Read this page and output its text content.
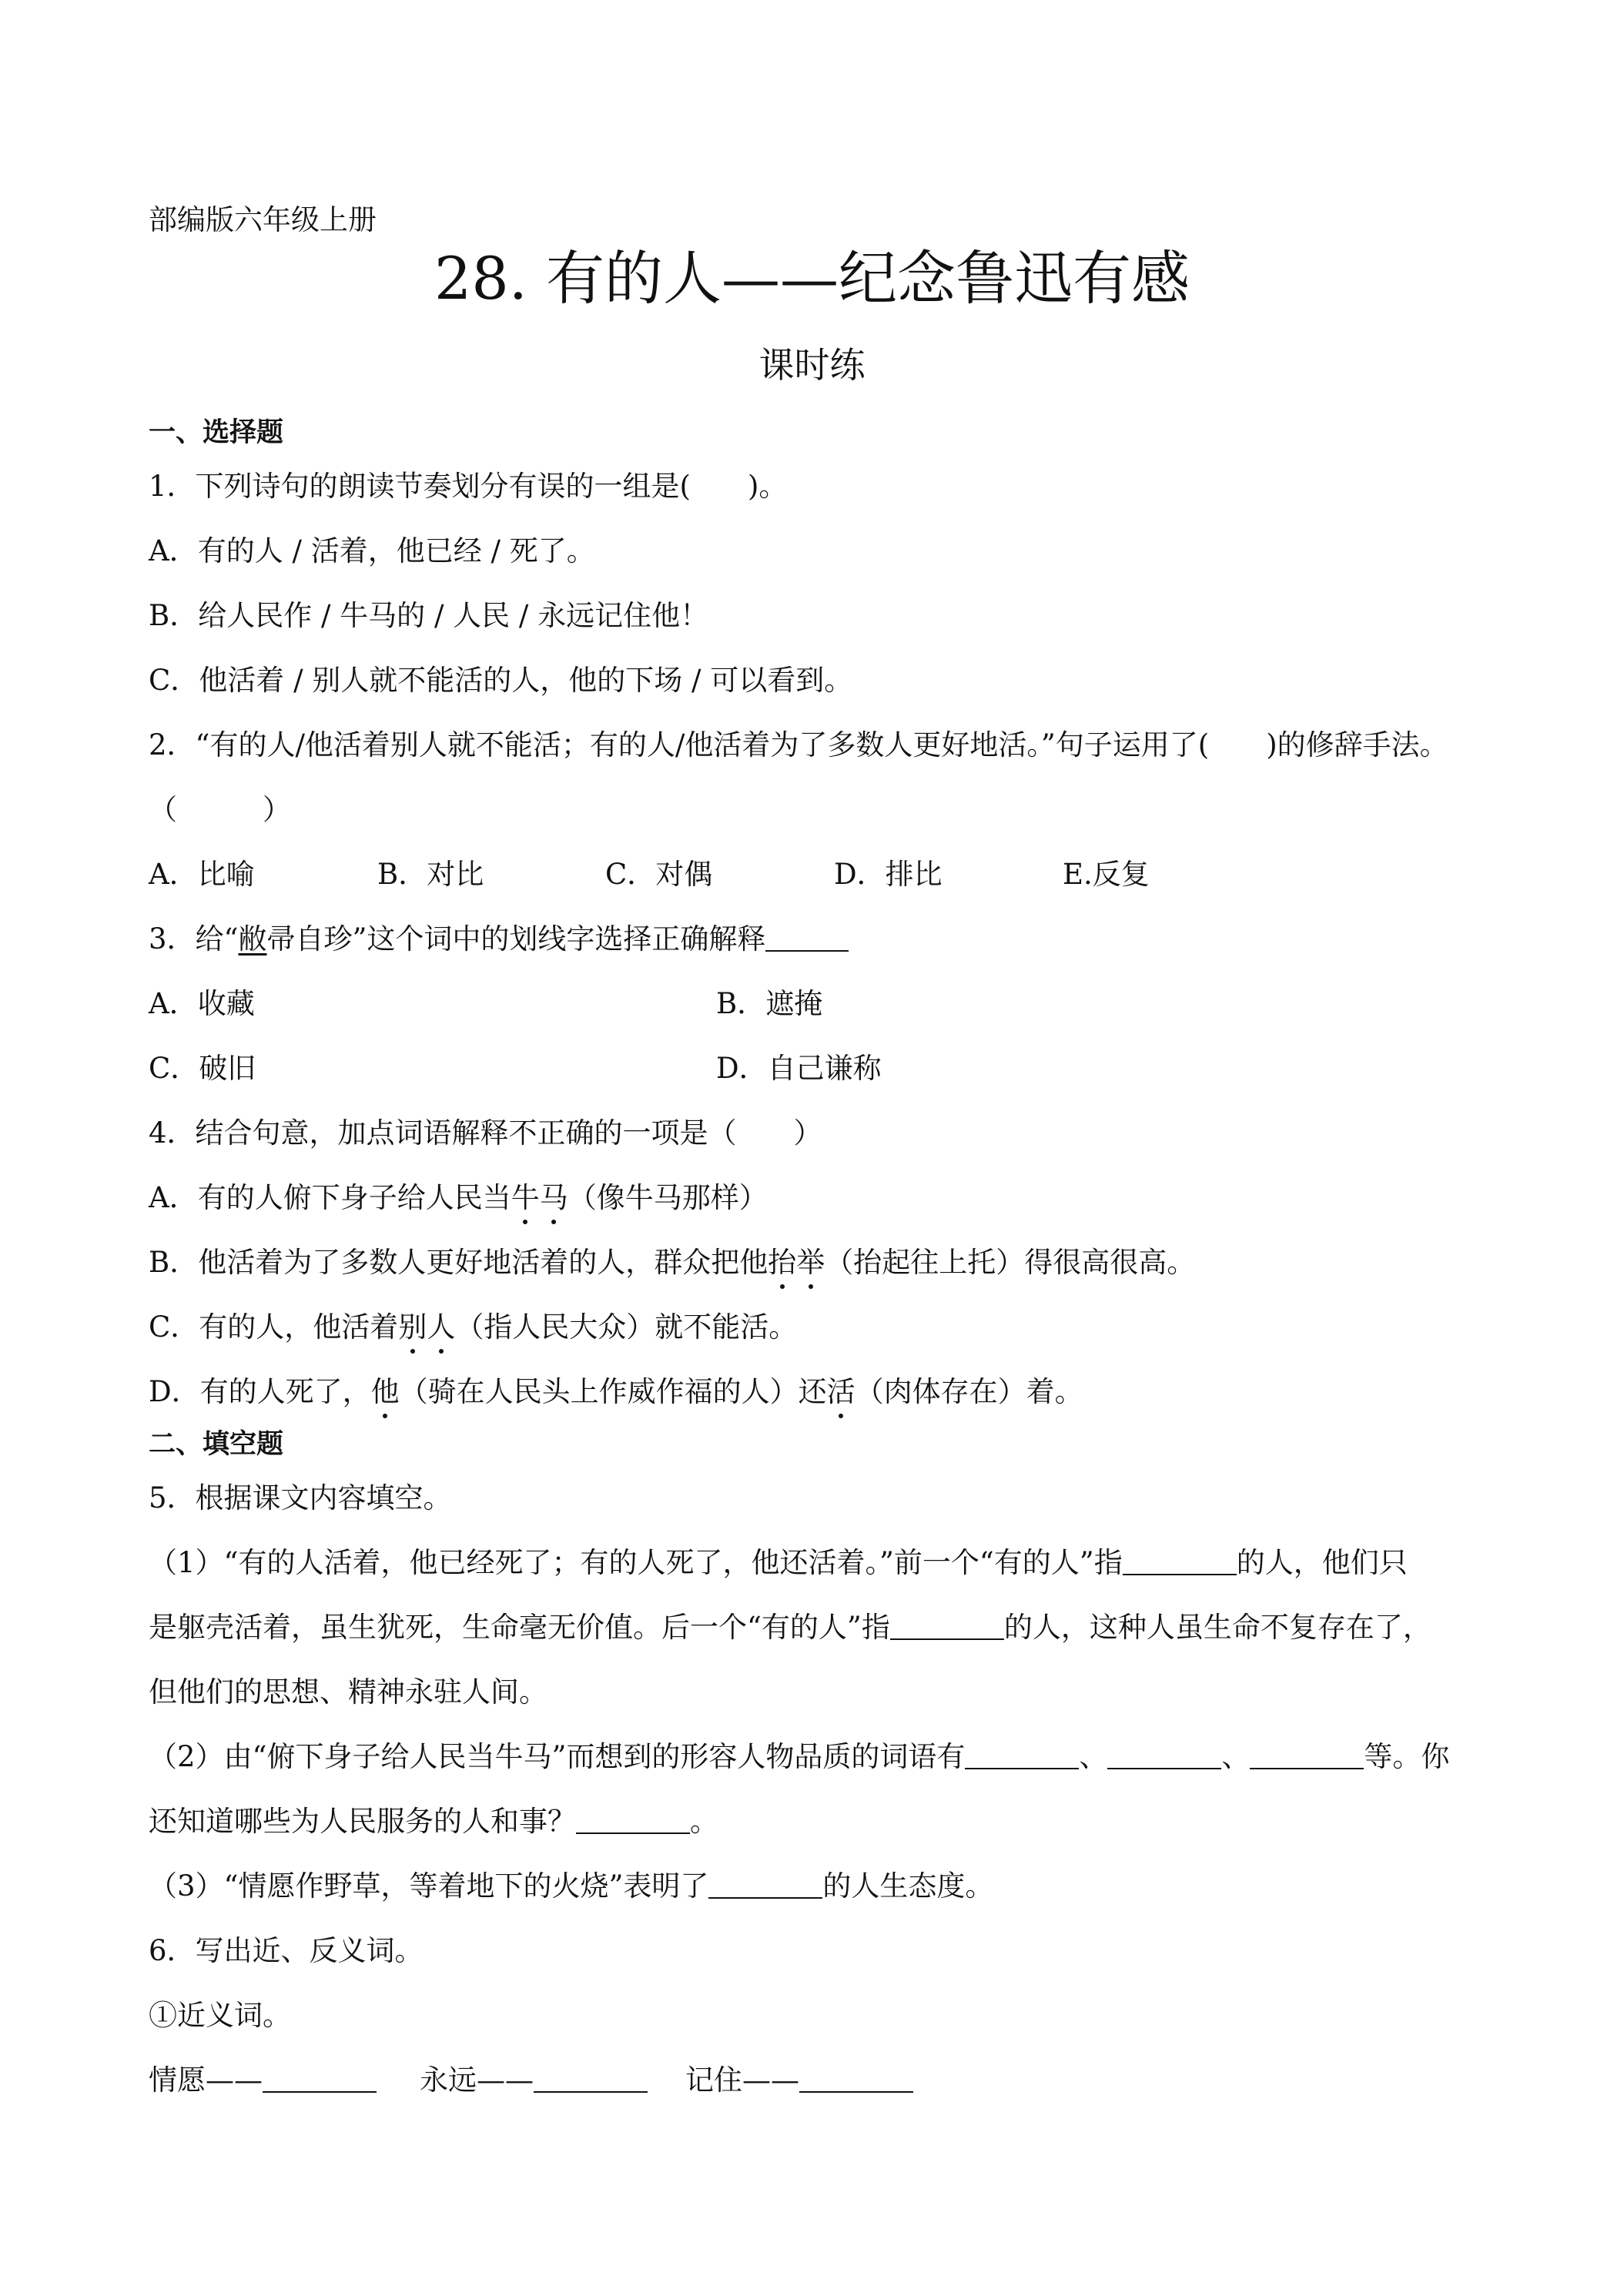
部编版六年级上册
28. 有的人——纪念鲁迅有感
课时练
一、选择题
1．下列诗句的朗读节奏划分有误的一组是(　　)。
A．有的人 / 活着，他已经 / 死了。
B．给人民作 / 牛马的 / 人民 / 永远记住他！
C．他活着 / 别人就不能活的人，他的下场 / 可以看到。
2．“有的人/他活着别人就不能活；有的人/他活着为了多数人更好地活。”句子运用了(　　)的修辞手法。
（　　　）
A．比喻	B．对比	C．对偶	D．排比	E.反复
3．给“敝帚自珍”这个词中的划线字选择正确解释
A．收藏	B．遮掩
C．破旧	D．自己谦称
4．结合句意，加点词语解释不正确的一项是（　　）
A．有的人俯下身子给人民当牛马（像牛马那样）
B．他活着为了多数人更好地活着的人，群众把他抬举（抬起往上托）得很高很高。
C．有的人，他活着别人（指人民大众）就不能活。
D．有的人死了，他（骑在人民头上作威作福的人）还活（肉体存在）着。
二、填空题
5．根据课文内容填空。
（1）“有的人活着，他已经死了；有的人死了，他还活着。”前一个“有的人”指	的人，他们只
是躯壳活着，虽生犹死，生命毫无价值。后一个“有的人”指	的人，这种人虽生命不复存在了，
但他们的思想、精神永驻人间。
（2）由“俯下身子给人民当牛马”而想到的形容人物品质的词语有	、	、	等。你
还知道哪些为人民服务的人和事？	。
（3）“情愿作野草，等着地下的火烧”表明了	的人生态度。
6．写出近、反义词。
①近义词。
情愿——	永远——	记住——
